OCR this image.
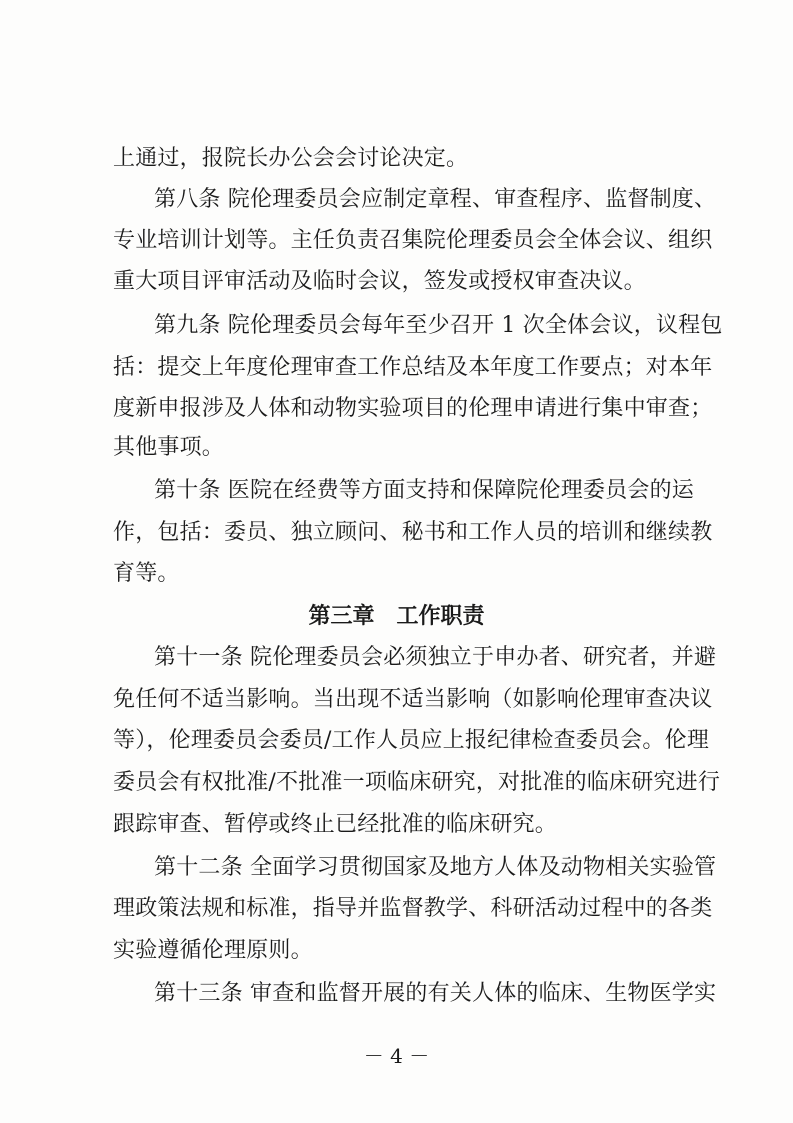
上通过，报院长办公会会讨论决定。
第八条 院伦理委员会应制定章程、审查程序、监督制度、
专业培训计划等。主任负责召集院伦理委员会全体会议、组织
重大项目评审活动及临时会议，签发或授权审查决议。
第九条 院伦理委员会每年至少召开 1 次全体会议，议程包
括：提交上年度伦理审查工作总结及本年度工作要点；对本年
度新申报涉及人体和动物实验项目的伦理申请进行集中审查；
其他事项。
第十条 医院在经费等方面支持和保障院伦理委员会的运
作，包括：委员、独立顾问、秘书和工作人员的培训和继续教
育等。
第三章　工作职责
第十一条 院伦理委员会必须独立于申办者、研究者，并避
免任何不适当影响。当出现不适当影响（如影响伦理审查决议
等），伦理委员会委员/工作人员应上报纪律检查委员会。伦理
委员会有权批准/不批准一项临床研究，对批准的临床研究进行
跟踪审查、暂停或终止已经批准的临床研究。
第十二条 全面学习贯彻国家及地方人体及动物相关实验管
理政策法规和标准，指导并监督教学、科研活动过程中的各类
实验遵循伦理原则。
第十三条 审查和监督开展的有关人体的临床、生物医学实
－ 4 －
